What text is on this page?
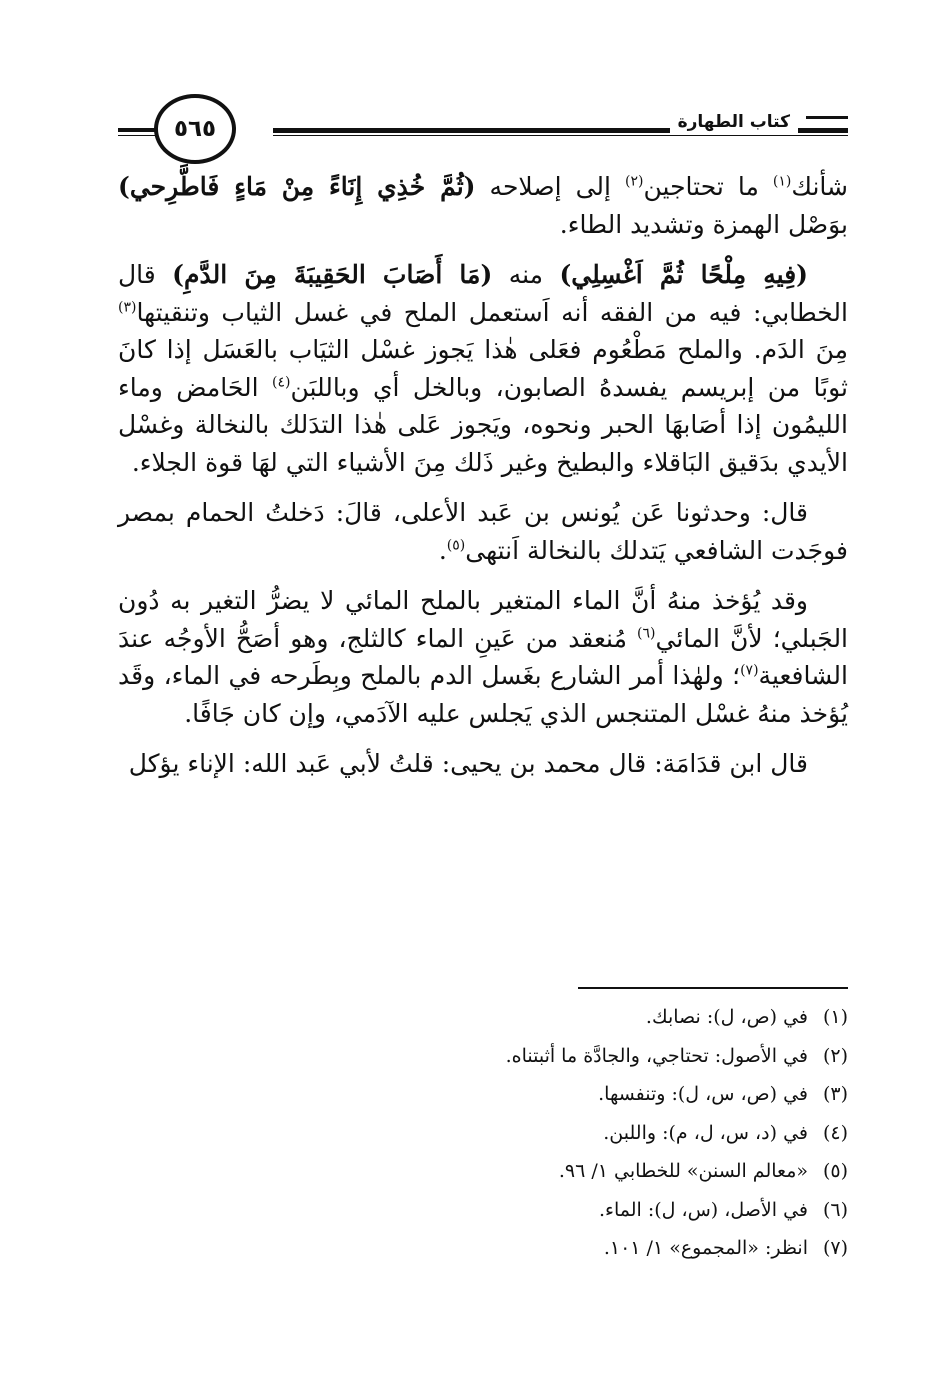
كتاب الطهارة
٥٦٥

شأنك$^{(١)}$ ما تحتاجين$^{(٢)}$ إلى إصلاحه (ثُمَّ خُذِي إِنَاءً مِنْ مَاءٍ فَاطَّرِحي) بوَصْل الهمزة وتشديد الطاء.

(فِيهِ مِلْحًا ثُمَّ اَغْسِلِي) منه (مَا أَصَابَ الحَقِيبَةَ مِنَ الدَّمِ) قال الخطابي: فيه من الفقه أنه اَستعمل الملح في غسل الثياب وتنقيتها$^{(٣)}$ مِنَ الدَم. والملح مَطْعُوم فعَلى هٰذا يَجوز غسْل الثيَاب بالعَسَل إذا كانَ ثوبًا من إبريسم يفسدهُ الصابون، وبالخل أي وباللبَن$^{(٤)}$ الحَامض وماء الليمُون إذا أصَابهَا الحبر ونحوه، ويَجوز عَلى هٰذا التدَلك بالنخالة وغسْل الأيدي بدَقيق البَاقلاء والبطيخ وغير ذَلك مِنَ الأشياء التي لهَا قوة الجلاء.

قال: وحدثونا عَن يُونس بن عَبد الأعلى، قالَ: دَخلتُ الحمام بمصر فوجَدت الشافعي يَتدلك بالنخالة اَنتهى$^{(٥)}$.

وقد يُؤخذ منهُ أنَّ الماء المتغير بالملح المائي لا يضرُّ التغير به دُون الجَبلي؛ لأنَّ المائي$^{(٦)}$ مُنعقد من عَينِ الماء كالثلج، وهو أصَحُّ الأوجُه عندَ الشافعية$^{(٧)}$؛ ولهٰذا أمر الشارع بغَسل الدم بالملح وبِطَرحه في الماء، وقَد يُؤخذ منهُ غسْل المتنجس الذي يَجلس عليه الآدَمي، وإن كان جَافًا.

قال ابن قدَامَة: قال محمد بن يحيى: قلتُ لأبي عَبد الله: الإناء يؤكل

(١)
في (ص، ل): نصابك.
(٢)
في الأصول: تحتاجي، والجادَّة ما أثبتناه.
(٣)
في (ص، س، ل): وتنفسها.
(٤)
في (د، س، ل، م): واللبن.
(٥)
«معالم السنن» للخطابي ١/ ٩٦.
(٦)
في الأصل، (س، ل): الماء.
(٧)
انظر: «المجموع» ١/ ١٠١.
